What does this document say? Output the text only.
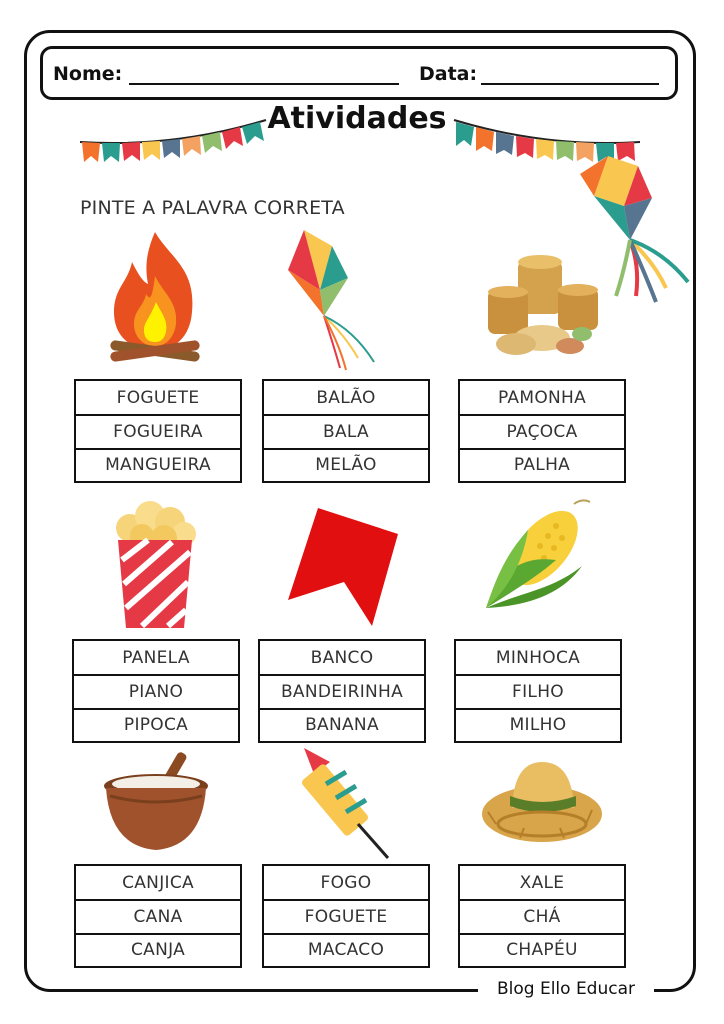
Nome:	Data:
Atividades
PINTE A PALAVRA CORRETA
FOGUETE
FOGUEIRA
MANGUEIRA
BALÃO
BALA
MELÃO
PAMONHA
PAÇOCA
PALHA
PANELA
PIANO
PIPOCA
BANCO
BANDEIRINHA
BANANA
MINHOCA
FILHO
MILHO
CANJICA
CANA
CANJA
FOGO
FOGUETE
MACACO
XALE
CHÁ
CHAPÉU
Blog Ello Educar
